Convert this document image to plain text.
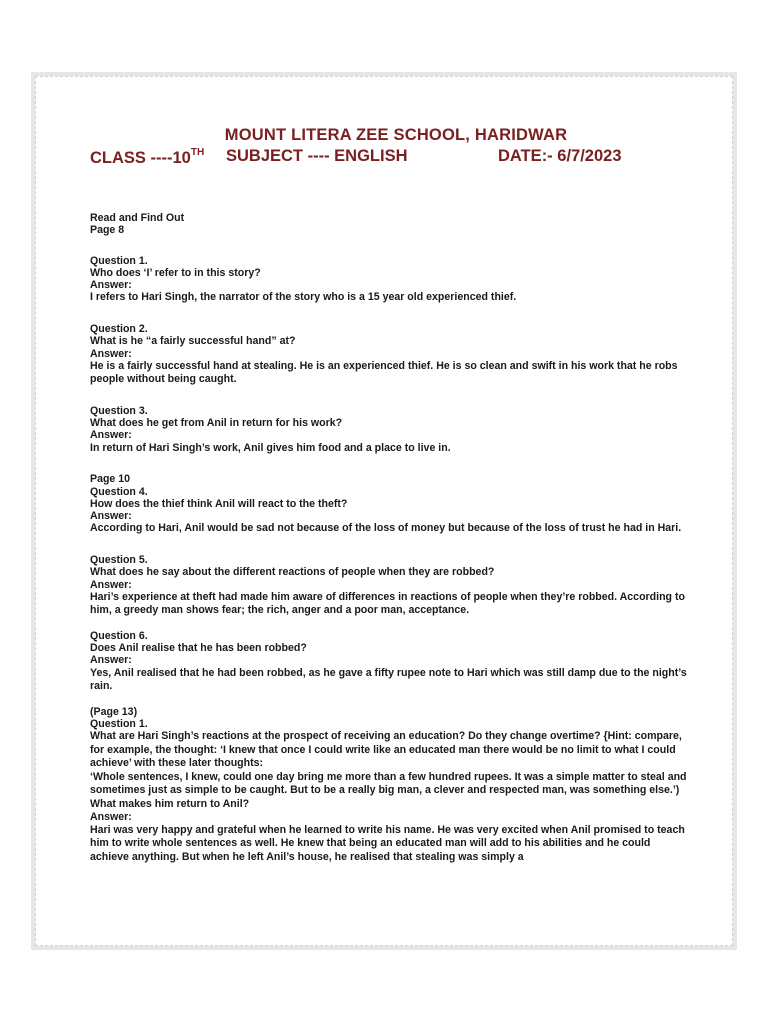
MOUNT LITERA ZEE SCHOOL, HARIDWAR
CLASS ----10TH SUBJECT ---- ENGLISH	DATE:- 6/7/2023
Read and Find Out
Page 8
Question 1.
Who does ‘I’ refer to in this story?
Answer:
I refers to Hari Singh, the narrator of the story who is a 15 year old experienced thief.
Question 2.
What is he “a fairly successful hand” at?
Answer:
He is a fairly successful hand at stealing. He is an experienced thief. He is so clean and swift in his work that he robs people without being caught.
Question 3.
What does he get from Anil in return for his work?
Answer:
In return of Hari Singh’s work, Anil gives him food and a place to live in.
Page 10
Question 4.
How does the thief think Anil will react to the theft?
Answer:
According to Hari, Anil would be sad not because of the loss of money but because of the loss of trust he had in Hari.
Question 5.
What does he say about the different reactions of people when they are robbed?
Answer:
Hari’s experience at theft had made him aware of differences in reactions of people when they’re robbed. According to him, a greedy man shows fear; the rich, anger and a poor man, acceptance.
Question 6.
Does Anil realise that he has been robbed?
Answer:
Yes, Anil realised that he had been robbed, as he gave a fifty rupee note to Hari which was still damp due to the night’s rain.
(Page 13)
Question 1.
What are Hari Singh’s reactions at the prospect of receiving an education? Do they change overtime? {Hint: compare, for example, the thought: ‘I knew that once I could write like an educated man there would be no limit to what I could achieve’ with these later thoughts:
‘Whole sentences, I knew, could one day bring me more than a few hundred rupees. It was a simple matter to steal and sometimes just as simple to be caught. But to be a really big man, a clever and respected man, was something else.’) What makes him return to Anil?
Answer:
Hari was very happy and grateful when he learned to write his name. He was very excited when Anil promised to teach him to write whole sentences as well. He knew that being an educated man will add to his abilities and he could achieve anything. But when he left Anil’s house, he realised that stealing was simply a
